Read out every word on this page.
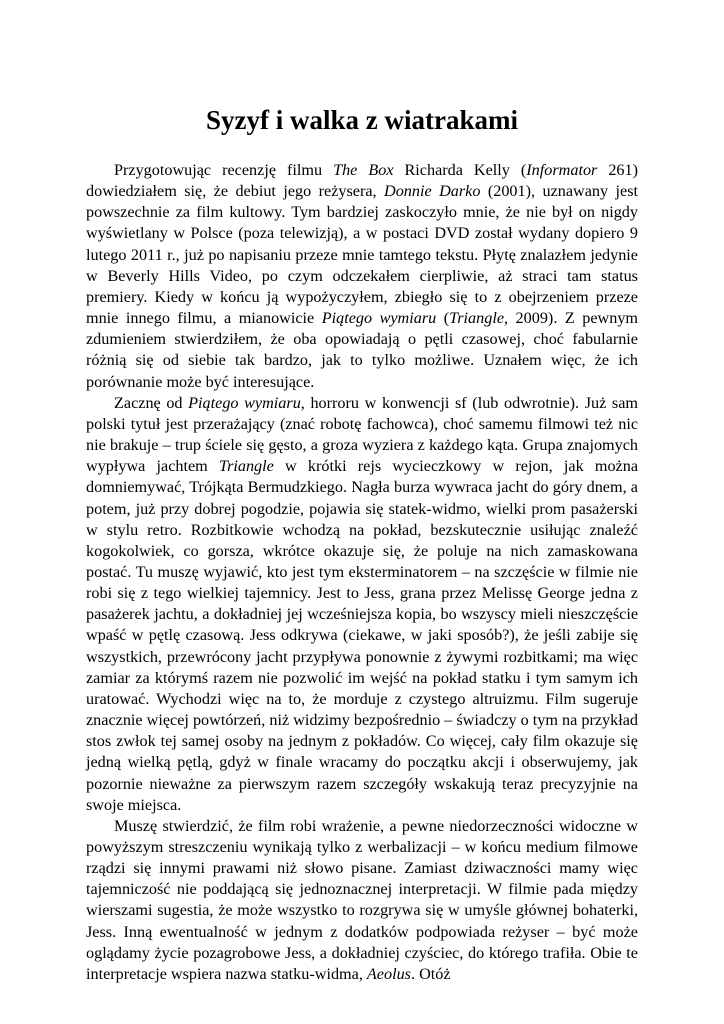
Syzyf i walka z wiatrakami

Przygotowując recenzję filmu The Box Richarda Kelly (Informator 261) dowiedziałem się, że debiut jego reżysera, Donnie Darko (2001), uznawany jest powszechnie za film kultowy. Tym bardziej zaskoczyło mnie, że nie był on nigdy wyświetlany w Polsce (poza telewizją), a w postaci DVD został wydany dopiero 9 lutego 2011 r., już po napisaniu przeze mnie tamtego tekstu. Płytę znalazłem jedynie w Beverly Hills Video, po czym odczekałem cierpliwie, aż straci tam status premiery. Kiedy w końcu ją wypożyczyłem, zbiegło się to z obejrzeniem przeze mnie innego filmu, a mianowicie Piątego wymiaru (Triangle, 2009). Z pewnym zdumieniem stwierdziłem, że oba opowiadają o pętli czasowej, choć fabularnie różnią się od siebie tak bardzo, jak to tylko możliwe. Uznałem więc, że ich porównanie może być interesujące.

Zacznę od Piątego wymiaru, horroru w konwencji sf (lub odwrotnie). Już sam polski tytuł jest przerażający (znać robotę fachowca), choć samemu filmowi też nic nie brakuje – trup ściele się gęsto, a groza wyziera z każdego kąta. Grupa znajomych wypływa jachtem Triangle w krótki rejs wycieczkowy w rejon, jak można domniemywać, Trójkąta Bermudzkiego. Nagła burza wywraca jacht do góry dnem, a potem, już przy dobrej pogodzie, pojawia się statek-widmo, wielki prom pasażerski w stylu retro. Rozbitkowie wchodzą na pokład, bezskutecznie usiłując znaleźć kogokolwiek, co gorsza, wkrótce okazuje się, że poluje na nich zamaskowana postać. Tu muszę wyjawić, kto jest tym eksterminatorem – na szczęście w filmie nie robi się z tego wielkiej tajemnicy. Jest to Jess, grana przez Melissę George jedna z pasażerek jachtu, a dokładniej jej wcześniejsza kopia, bo wszyscy mieli nieszczęście wpaść w pętlę czasową. Jess odkrywa (ciekawe, w jaki sposób?), że jeśli zabije się wszystkich, przewrócony jacht przypływa ponownie z żywymi rozbitkami; ma więc zamiar za którymś razem nie pozwolić im wejść na pokład statku i tym samym ich uratować. Wychodzi więc na to, że morduje z czystego altruizmu. Film sugeruje znacznie więcej powtórzeń, niż widzimy bezpośrednio – świadczy o tym na przykład stos zwłok tej samej osoby na jednym z pokładów. Co więcej, cały film okazuje się jedną wielką pętlą, gdyż w finale wracamy do początku akcji i obserwujemy, jak pozornie nieważne za pierwszym razem szczegóły wskakują teraz precyzyjnie na swoje miejsca.

Muszę stwierdzić, że film robi wrażenie, a pewne niedorzeczności widoczne w powyższym streszczeniu wynikają tylko z werbalizacji – w końcu medium filmowe rządzi się innymi prawami niż słowo pisane. Zamiast dziwaczności mamy więc tajemniczość nie poddającą się jednoznacznej interpretacji. W filmie pada między wierszami sugestia, że może wszystko to rozgrywa się w umyśle głównej bohaterki, Jess. Inną ewentualność w jednym z dodatków podpowiada reżyser – być może oglądamy życie pozagrobowe Jess, a dokładniej czyściec, do którego trafiła. Obie te interpretacje wspiera nazwa statku-widma, Aeolus. Otóż
